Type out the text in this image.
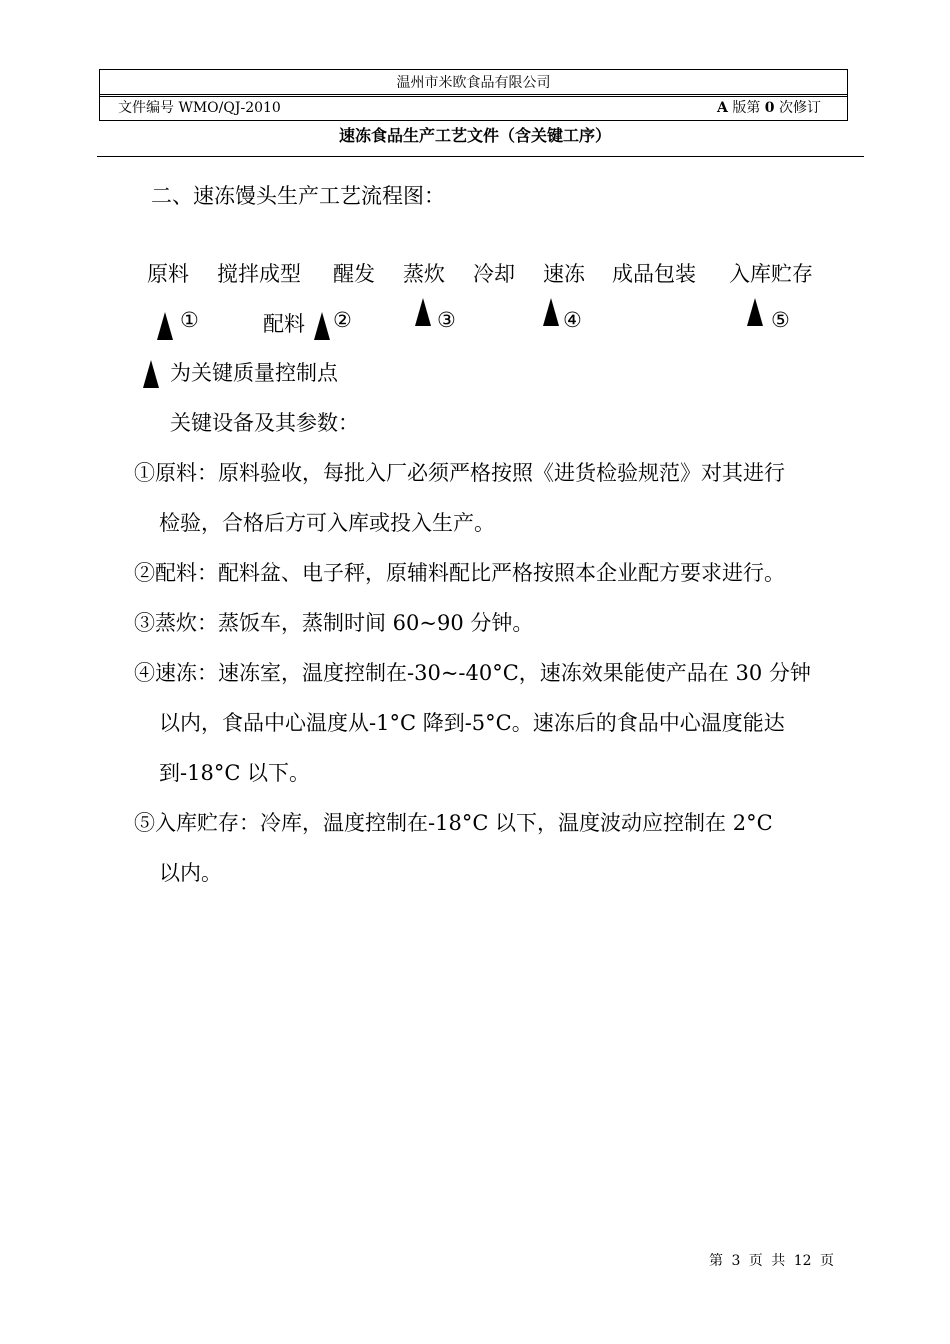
温州市米欧食品有限公司
文件编号 WMO/QJ-2010	A 版第 0 次修订
速冻食品生产工艺文件（含关键工序）
二、速冻馒头生产工艺流程图：
原料 搅拌成型 醒发 蒸炊 冷却 速冻 成品包装 入库贮存
①	配料 ②	③	④	⑤
为关键质量控制点
关键设备及其参数：
①原料：原料验收，每批入厂必须严格按照《进货检验规范》对其进行
检验，合格后方可入库或投入生产。
②配料：配料盆、电子秤，原辅料配比严格按照本企业配方要求进行。
③蒸炊：蒸饭车，蒸制时间 60~90 分钟。
④速冻：速冻室，温度控制在-30~-40°C，速冻效果能使产品在 30 分钟
以内，食品中心温度从-1°C 降到-5°C。速冻后的食品中心温度能达
到-18°C 以下。
⑤入库贮存：冷库，温度控制在-18°C 以下，温度波动应控制在 2°C
以内。
第 3 页 共 12 页
